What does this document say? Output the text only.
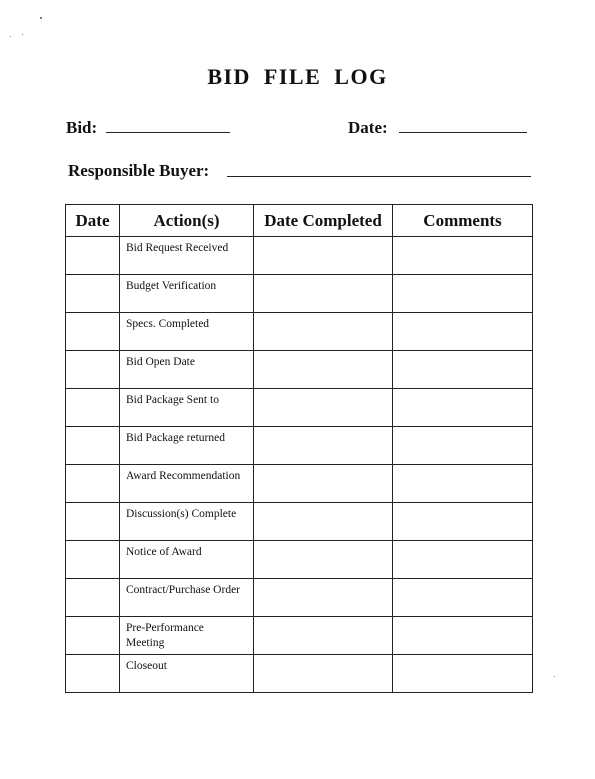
BID FILE LOG
Bid:	Date:
Responsible Buyer:
Date	Action(s)	Date Completed	Comments
	Bid Request Received		
	Budget Verification		
	Specs. Completed		
	Bid Open Date		
	Bid Package Sent to		
	Bid Package returned		
	Award Recommendation		
	Discussion(s) Complete		
	Notice of Award		
	Contract/Purchase Order		
	Pre-Performance Meeting		
	Closeout		
